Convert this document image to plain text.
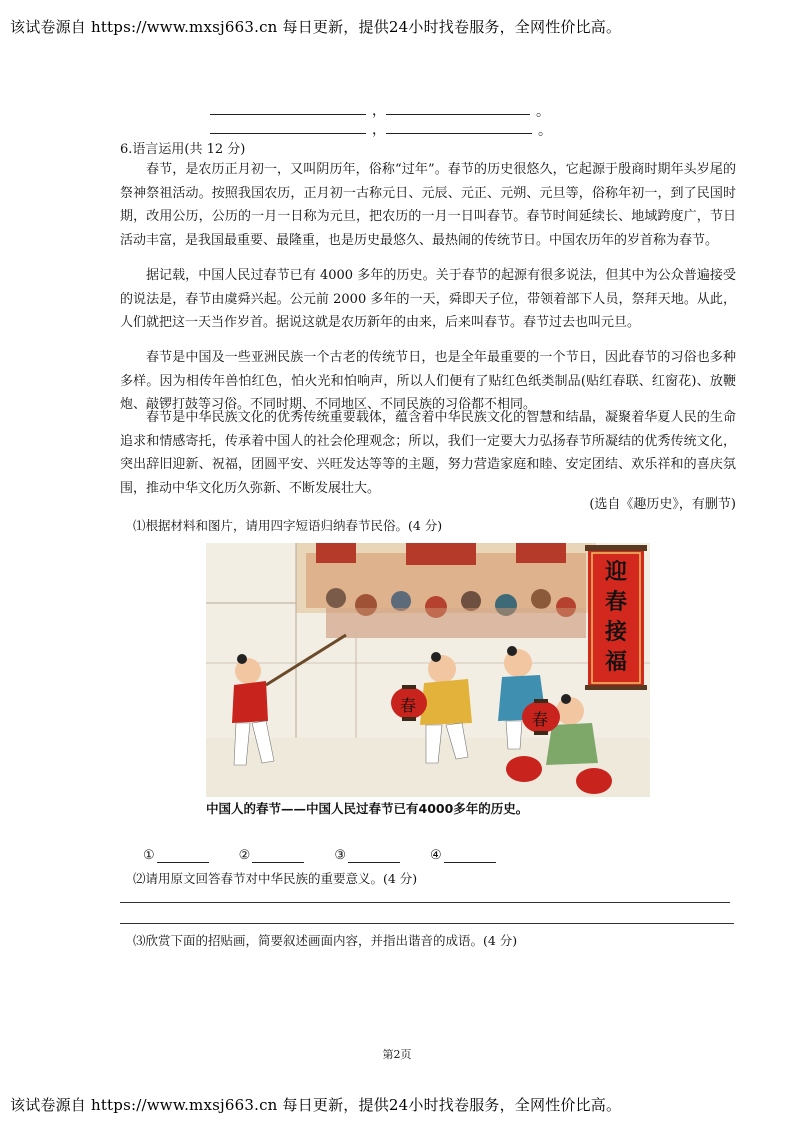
该试卷源自 https://www.mxsj663.cn 每日更新，提供24小时找卷服务，全网性价比高。
，	。
，	。
6.语言运用(共 12 分)

春节，是农历正月初一，又叫阴历年，俗称“过年”。春节的历史很悠久，它起源于殷商时期年头岁尾的祭神祭祖活动。按照我国农历，正月初一古称元日、元辰、元正、元朔、元旦等，俗称年初一，到了民国时期，改用公历，公历的一月一日称为元旦，把农历的一月一日叫春节。春节时间延续长、地域跨度广，节日活动丰富，是我国最重要、最隆重，也是历史最悠久、最热闹的传统节日。中国农历年的岁首称为春节。

据记载，中国人民过春节已有 4000 多年的历史。关于春节的起源有很多说法，但其中为公众普遍接受的说法是，春节由虞舜兴起。公元前 2000 多年的一天，舜即天子位，带领着部下人员，祭拜天地。从此，人们就把这一天当作岁首。据说这就是农历新年的由来，后来叫春节。春节过去也叫元旦。

春节是中国及一些亚洲民族一个古老的传统节日，也是全年最重要的一个节日，因此春节的习俗也多种多样。因为相传年兽怕红色，怕火光和怕响声，所以人们便有了贴红色纸类制品(贴红春联、红窗花)、放鞭炮、敲锣打鼓等习俗。不同时期、不同地区、不同民族的习俗都不相同。

春节是中华民族文化的优秀传统重要载体，蕴含着中华民族文化的智慧和结晶，凝聚着华夏人民的生命追求和情感寄托，传承着中国人的社会伦理观念；所以，我们一定要大力弘扬春节所凝结的优秀传统文化，突出辞旧迎新、祝福，团圆平安、兴旺发达等等的主题，努力营造家庭和睦、安定团结、欢乐祥和的喜庆氛围，推动中华文化历久弥新、不断发展壮大。

(选自《趣历史》，有删节)
⑴根据材料和图片，请用四字短语归纳春节民俗。(4 分)
迎
春
接
福
春
春
中国人的春节——中国人民过春节已有4000多年的历史。
①	②	③	④
⑵请用原文回答春节对中华民族的重要意义。(4 分)
⑶欣赏下面的招贴画，简要叙述画面内容，并指出谐音的成语。(4 分)
第2页
该试卷源自 https://www.mxsj663.cn 每日更新，提供24小时找卷服务，全网性价比高。
